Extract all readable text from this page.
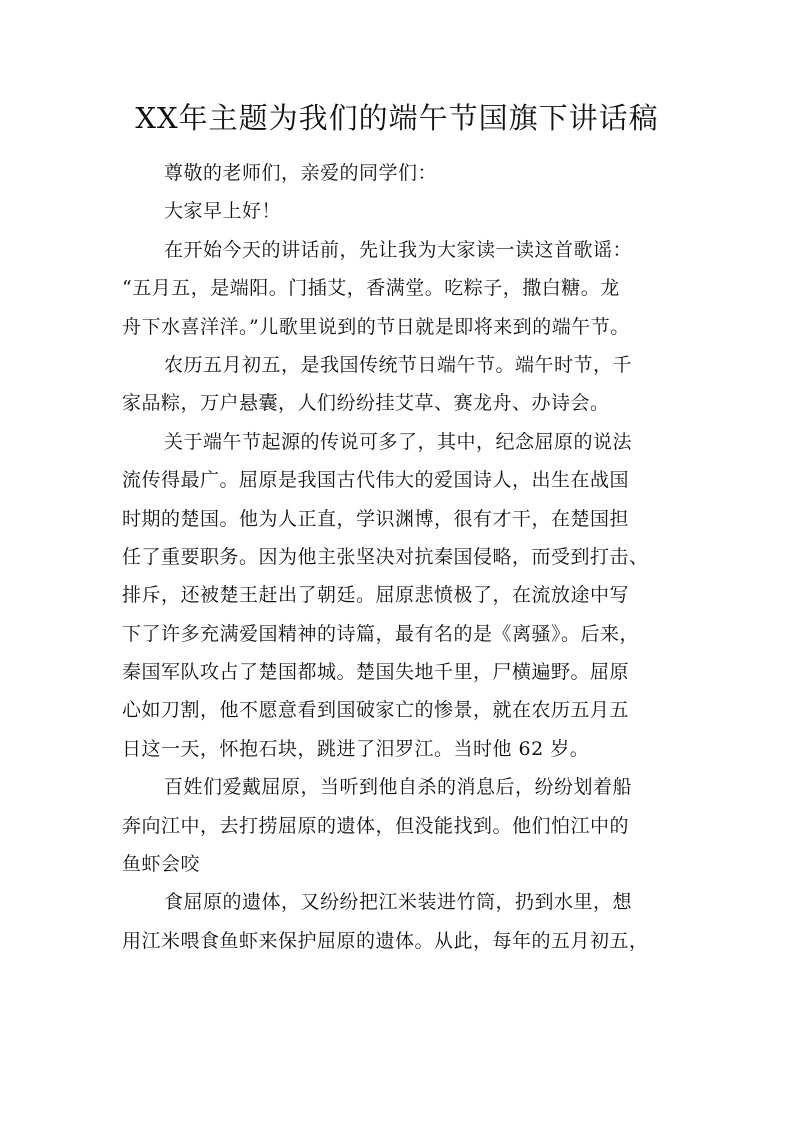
XX年主题为我们的端午节国旗下讲话稿
尊敬的老师们，亲爱的同学们：
大家早上好！
在开始今天的讲话前，先让我为大家读一读这首歌谣：
“五月五，是端阳。门插艾，香满堂。吃粽子，撒白糖。龙
舟下水喜洋洋。”儿歌里说到的节日就是即将来到的端午节。
农历五月初五，是我国传统节日端午节。端午时节，千
家品粽，万户悬囊，人们纷纷挂艾草、赛龙舟、办诗会。
关于端午节起源的传说可多了，其中，纪念屈原的说法
流传得最广。屈原是我国古代伟大的爱国诗人，出生在战国
时期的楚国。他为人正直，学识渊博，很有才干，在楚国担
任了重要职务。因为他主张坚决对抗秦国侵略，而受到打击、
排斥，还被楚王赶出了朝廷。屈原悲愤极了，在流放途中写
下了许多充满爱国精神的诗篇，最有名的是《离骚》。后来，
秦国军队攻占了楚国都城。楚国失地千里，尸横遍野。屈原
心如刀割，他不愿意看到国破家亡的惨景，就在农历五月五
日这一天，怀抱石块，跳进了汨罗江。当时他 62 岁。
百姓们爱戴屈原，当听到他自杀的消息后，纷纷划着船
奔向江中，去打捞屈原的遗体，但没能找到。他们怕江中的
鱼虾会咬
食屈原的遗体，又纷纷把江米装进竹筒，扔到水里，想
用江米喂食鱼虾来保护屈原的遗体。从此，每年的五月初五，
